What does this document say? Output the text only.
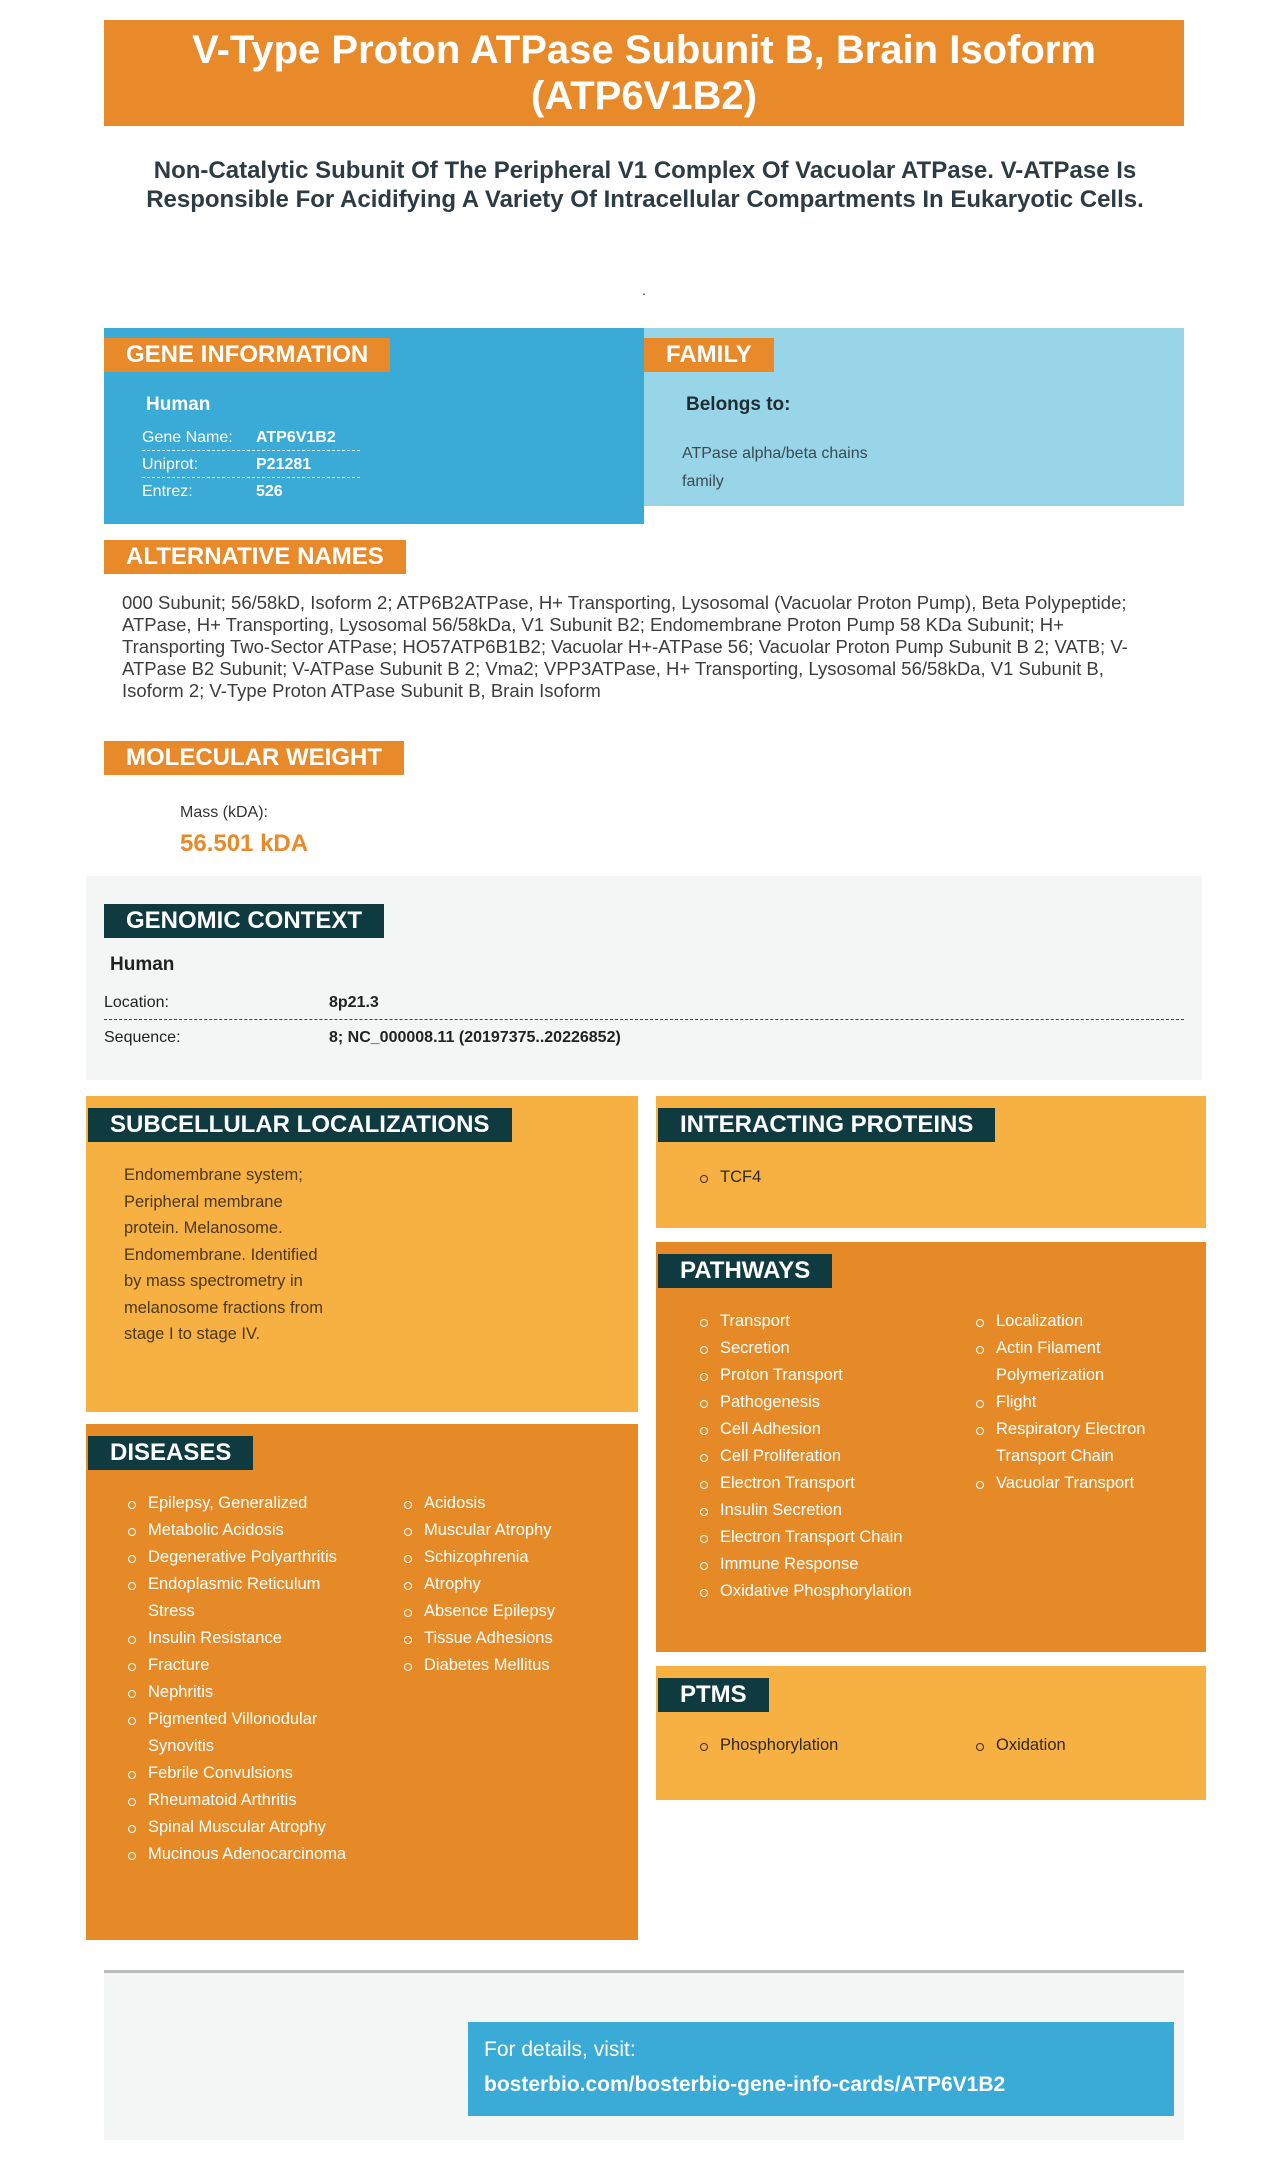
V-Type Proton ATPase Subunit B, Brain Isoform (ATP6V1B2)
Non-Catalytic Subunit Of The Peripheral V1 Complex Of Vacuolar ATPase. V-ATPase Is Responsible For Acidifying A Variety Of Intracellular Compartments In Eukaryotic Cells.
.
GENE INFORMATION
Human
Gene Name: ATP6V1B2
Uniprot:	P21281
Entrez:	526
FAMILY
Belongs to:
ATPase alpha/beta chains family
ALTERNATIVE NAMES
000 Subunit; 56/58kD, Isoform 2; ATP6B2ATPase, H+ Transporting, Lysosomal (Vacuolar Proton Pump), Beta Polypeptide; ATPase, H+ Transporting, Lysosomal 56/58kDa, V1 Subunit B2; Endomembrane Proton Pump 58 KDa Subunit; H+ Transporting Two-Sector ATPase; HO57ATP6B1B2; Vacuolar H+-ATPase 56; Vacuolar Proton Pump Subunit B 2; VATB; V-ATPase B2 Subunit; V-ATPase Subunit B 2; Vma2; VPP3ATPase, H+ Transporting, Lysosomal 56/58kDa, V1 Subunit B, Isoform 2; V-Type Proton ATPase Subunit B, Brain Isoform
MOLECULAR WEIGHT
Mass (kDA):
56.501 kDA
GENOMIC CONTEXT
Human
Location:	8p21.3
Sequence:	8; NC_000008.11 (20197375..20226852)
SUBCELLULAR LOCALIZATIONS
Endomembrane system; Peripheral membrane protein. Melanosome. Endomembrane. Identified by mass spectrometry in melanosome fractions from stage I to stage IV.
INTERACTING PROTEINS
TCF4
DISEASES
Epilepsy, Generalized
Metabolic Acidosis
Degenerative Polyarthritis
Endoplasmic Reticulum Stress
Insulin Resistance
Fracture
Nephritis
Pigmented Villonodular Synovitis
Febrile Convulsions
Rheumatoid Arthritis
Spinal Muscular Atrophy
Mucinous Adenocarcinoma
Acidosis
Muscular Atrophy
Schizophrenia
Atrophy
Absence Epilepsy
Tissue Adhesions
Diabetes Mellitus
PATHWAYS
Transport
Secretion
Proton Transport
Pathogenesis
Cell Adhesion
Cell Proliferation
Electron Transport
Insulin Secretion
Electron Transport Chain
Immune Response
Oxidative Phosphorylation
Localization
Actin Filament Polymerization
Flight
Respiratory Electron Transport Chain
Vacuolar Transport
PTMS
Phosphorylation	Oxidation
For details, visit:
bosterbio.com/bosterbio-gene-info-cards/ATP6V1B2
